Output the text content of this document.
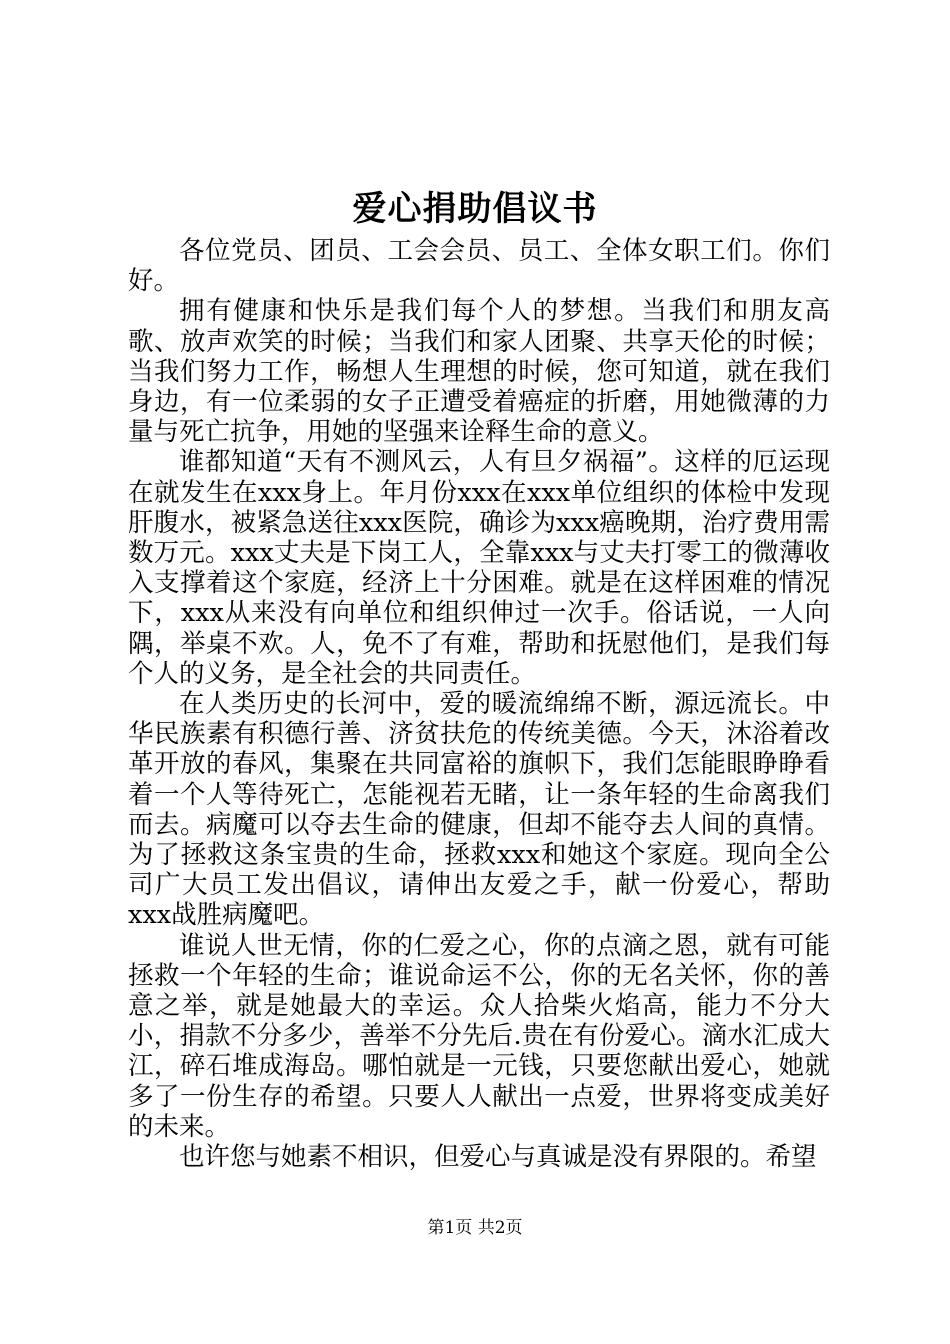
爱心捐助倡议书

各位党员、团员、工会会员、员工、全体女职工们。你们好。

拥有健康和快乐是我们每个人的梦想。当我们和朋友高歌、放声欢笑的时候；当我们和家人团聚、共享天伦的时候；当我们努力工作，畅想人生理想的时候，您可知道，就在我们身边，有一位柔弱的女子正遭受着癌症的折磨，用她微薄的力量与死亡抗争，用她的坚强来诠释生命的意义。

谁都知道“天有不测风云，人有旦夕祸福”。这样的厄运现在就发生在xxx身上。年月份xxx在xxx单位组织的体检中发现肝腹水，被紧急送往xxx医院，确诊为xxx癌晚期，治疗费用需数万元。xxx丈夫是下岗工人，全靠xxx与丈夫打零工的微薄收入支撑着这个家庭，经济上十分困难。就是在这样困难的情况下，xxx从来没有向单位和组织伸过一次手。俗话说，一人向隅，举桌不欢。人，免不了有难，帮助和抚慰他们，是我们每个人的义务，是全社会的共同责任。

在人类历史的长河中，爱的暖流绵绵不断，源远流长。中华民族素有积德行善、济贫扶危的传统美德。今天，沐浴着改革开放的春风，集聚在共同富裕的旗帜下，我们怎能眼睁睁看着一个人等待死亡，怎能视若无睹，让一条年轻的生命离我们而去。病魔可以夺去生命的健康，但却不能夺去人间的真情。为了拯救这条宝贵的生命，拯救xxx和她这个家庭。现向全公司广大员工发出倡议，请伸出友爱之手，献一份爱心，帮助xxx战胜病魔吧。

谁说人世无情，你的仁爱之心，你的点滴之恩，就有可能拯救一个年轻的生命；谁说命运不公，你的无名关怀，你的善意之举，就是她最大的幸运。众人拾柴火焰高，能力不分大小，捐款不分多少，善举不分先后.贵在有份爱心。滴水汇成大江，碎石堆成海岛。哪怕就是一元钱，只要您献出爱心，她就多了一份生存的希望。只要人人献出一点爱，世界将变成美好的未来。

也许您与她素不相识，但爱心与真诚是没有界限的。希望

第1页 共2页
